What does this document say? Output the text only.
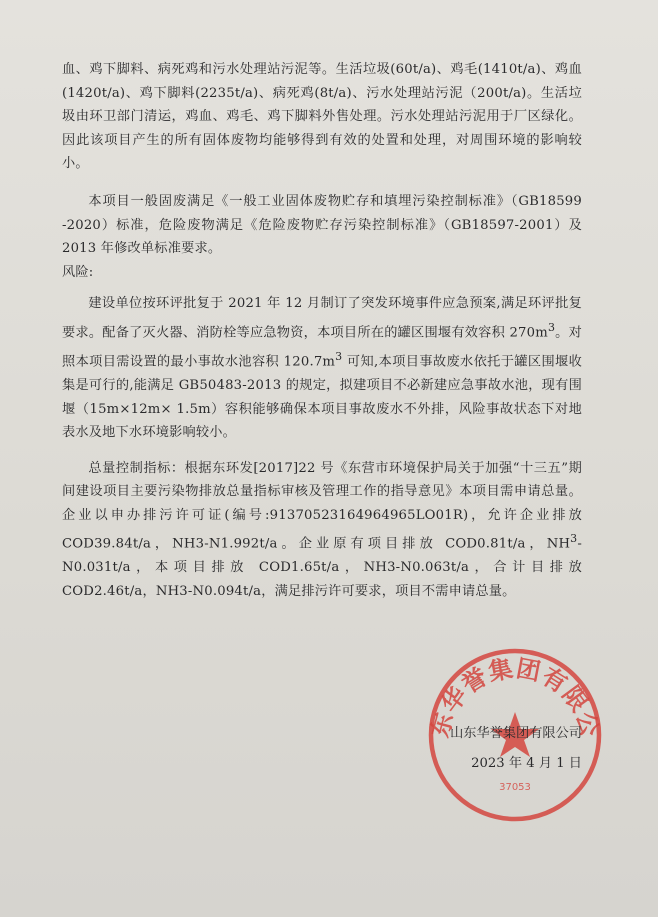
血、鸡下脚料、病死鸡和污水处理站污泥等。生活垃圾(60t/a)、鸡毛(1410t/a)、鸡血(1420t/a)、鸡下脚料(2235t/a)、病死鸡(8t/a)、污水处理站污泥（200t/a)。生活垃圾由环卫部门清运，鸡血、鸡毛、鸡下脚料外售处理。污水处理站污泥用于厂区绿化。因此该项目产生的所有固体废物均能够得到有效的处置和处理，对周围环境的影响较小。

本项目一般固废满足《一般工业固体废物贮存和填埋污染控制标准》（GB18599 -2020）标准，危险废物满足《危险废物贮存污染控制标准》（GB18597-2001）及 2013 年修改单标准要求。

风险:

建设单位按环评批复于 2021 年 12 月制订了突发环境事件应急预案,满足环评批复要求。配备了灭火器、消防栓等应急物资，本项目所在的罐区围堰有效容积 $270m^3$。对照本项目需设置的最小事故水池容积 $120.7m^3$ 可知,本项目事故废水依托于罐区围堰收集是可行的,能满足 GB50483-2013 的规定，拟建项目不必新建应急事故水池，现有围堰（15m×12m× 1.5m）容积能够确保本项目事故废水不外排，风险事故状态下对地表水及地下水环境影响较小。

总量控制指标：根据东环发[2017]22 号《东营市环境保护局关于加强“十三五”期间建设项目主要污染物排放总量指标审核及管理工作的指导意见》本项目需申请总量。企业以申办排污许可证(编号:91370523164964965LO01R)，允许企业排放 COD39.84t/a，NH3-N1.992t/a。企业原有项目排放 COD0.81t/a，$NH^3-N0.031t/a$，本项目排放 COD1.65t/a，NH3-N0.063t/a，合计目排放 COD2.46t/a，NH3-N0.094t/a，满足排污许可要求，项目不需申请总量。

东华誉集团有限公
37053
山东华誉集团有限公司
2023 年 4 月 1 日
